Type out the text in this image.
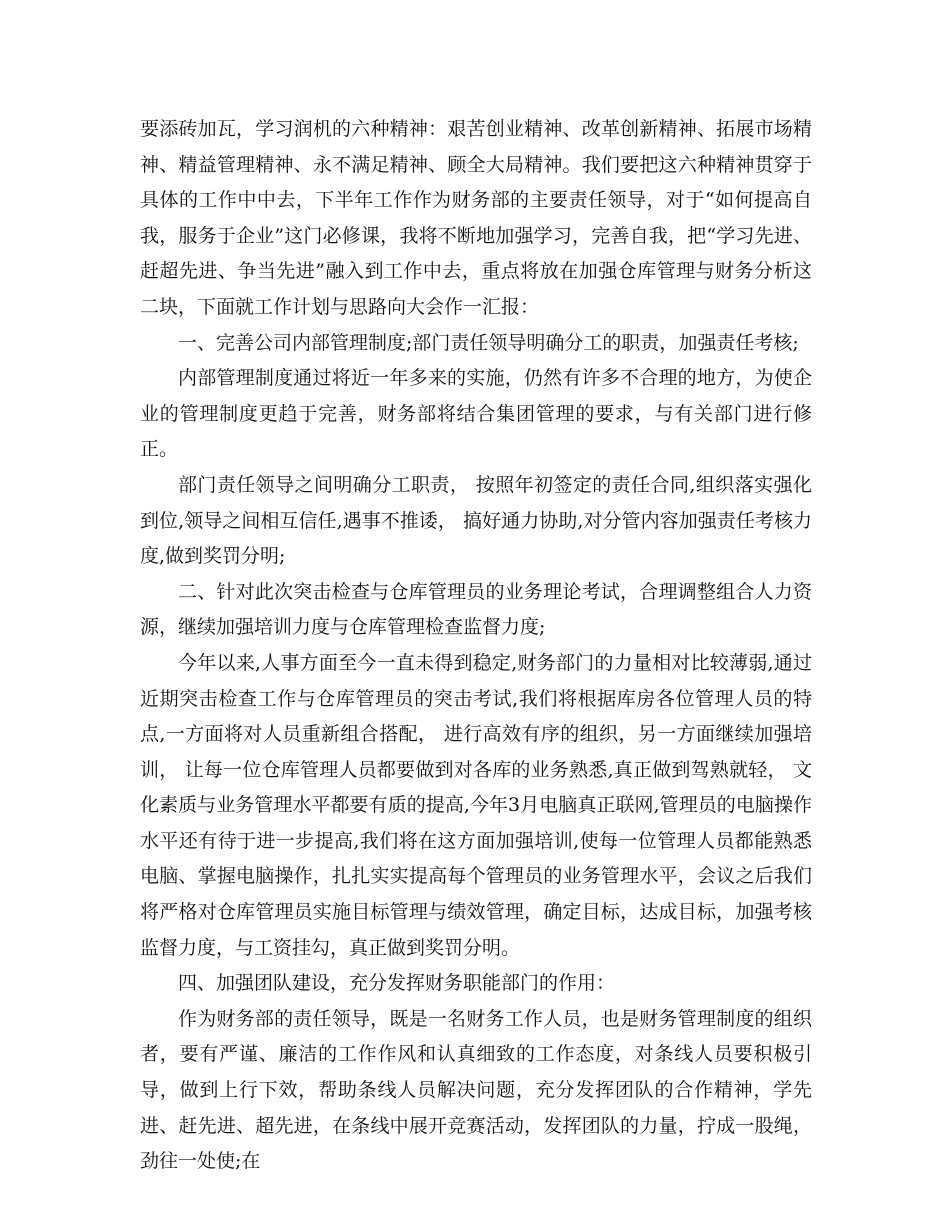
要添砖加瓦，学习润机的六种精神：艰苦创业精神、改革创新精神、拓展市场精神、精益管理精神、永不满足精神、顾全大局精神。我们要把这六种精神贯穿于具体的工作中中去，下半年工作作为财务部的主要责任领导，对于“如何提高自我，服务于企业”这门必修课，我将不断地加强学习，完善自我，把“学习先进、赶超先进、争当先进”融入到工作中去，重点将放在加强仓库管理与财务分析这二块，下面就工作计划与思路向大会作一汇报：

一、完善公司内部管理制度;部门责任领导明确分工的职责，加强责任考核;

内部管理制度通过将近一年多来的实施，仍然有许多不合理的地方，为使企业的管理制度更趋于完善，财务部将结合集团管理的要求，与有关部门进行修正。

部门责任领导之间明确分工职责， 按照年初签定的责任合同,组织落实强化到位,领导之间相互信任,遇事不推诿， 搞好通力协助,对分管内容加强责任考核力度,做到奖罚分明;

二、针对此次突击检查与仓库管理员的业务理论考试，合理调整组合人力资源，继续加强培训力度与仓库管理检查监督力度;

今年以来,人事方面至今一直未得到稳定,财务部门的力量相对比较薄弱,通过近期突击检查工作与仓库管理员的突击考试,我们将根据库房各位管理人员的特点,一方面将对人员重新组合搭配， 进行高效有序的组织，另一方面继续加强培训， 让每一位仓库管理人员都要做到对各库的业务熟悉,真正做到驾熟就轻， 文化素质与业务管理水平都要有质的提高,今年3月电脑真正联网,管理员的电脑操作水平还有待于进一步提高,我们将在这方面加强培训,使每一位管理人员都能熟悉电脑、掌握电脑操作，扎扎实实提高每个管理员的业务管理水平，会议之后我们将严格对仓库管理员实施目标管理与绩效管理，确定目标，达成目标，加强考核监督力度，与工资挂勾，真正做到奖罚分明。

四、加强团队建设，充分发挥财务职能部门的作用：

作为财务部的责任领导，既是一名财务工作人员，也是财务管理制度的组织者，要有严谨、廉洁的工作作风和认真细致的工作态度，对条线人员要积极引导，做到上行下效，帮助条线人员解决问题，充分发挥团队的合作精神，学先进、赶先进、超先进，在条线中展开竞赛活动，发挥团队的力量，拧成一股绳，劲往一处使;在
